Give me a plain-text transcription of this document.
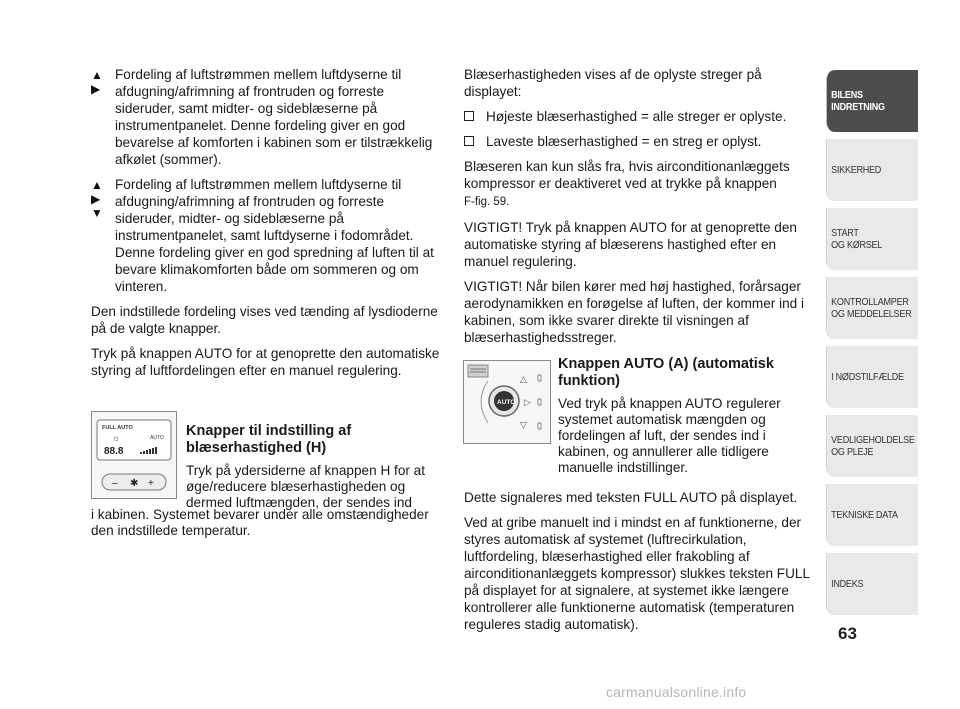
▲
▶
Fordeling af luftstrømmen mellem luftdyserne til afdugning/afrimning af frontruden og forreste sideruder, samt midter- og sideblæserne på instrumentpanelet. Denne fordeling giver en god bevarelse af komforten i kabinen som er tilstrækkelig afkølet (sommer).
▲
▶
▼
Fordeling af luftstrømmen mellem luftdyserne til afdugning/afrimning af frontruden og forreste sideruder, midter- og sideblæserne på instrumentpanelet, samt luftdyserne i fodområdet. Denne fordeling giver en god spredning af luften til at bevare klimakomforten både om sommeren og om vinteren.

Den indstillede fordeling vises ved tænding af lysdioderne på de valgte knapper.

Tryk på knappen AUTO for at genoprette den automatiske styring af luftfordelingen efter en manuel regulering.

FULL AUTO
AUTO
☼
88.8
– ✱ +
Knapper til indstilling af blæserhastighed (H)
Tryk på ydersiderne af knappen H for at øge/reducere blæserhastigheden og dermed luftmængden, der sendes ind
i kabinen. Systemet bevarer under alle omstændigheder den indstillede temperatur.

Blæserhastigheden vises af de oplyste streger på displayet:

Højeste blæserhastighed = alle streger er oplyste.
Laveste blæserhastighed = en streg er oplyst.

Blæseren kan kun slås fra, hvis airconditionanlæggets kompressor er deaktiveret ved at trykke på knappen
F-fig. 59.

VIGTIGT! Tryk på knappen AUTO for at genoprette den automatiske styring af blæserens hastighed efter en manuel regulering.

VIGTIGT! Når bilen kører med høj hastighed, forårsager aerodynamikken en forøgelse af luften, der kommer ind i kabinen, som ikke svarer direkte til visningen af blæserhastighedsstreger.

AUTO
△
▷
▽
Knappen AUTO (A) (automatisk funktion)
Ved tryk på knappen AUTO regulerer systemet automatisk mængden og fordelingen af luft, der sendes ind i kabinen, og annullerer alle tidligere manuelle indstillinger.

Dette signaleres med teksten FULL AUTO på displayet.

Ved at gribe manuelt ind i mindst en af funktionerne, der styres automatisk af systemet (luftrecirkulation, luftfordeling, blæserhastighed eller frakobling af airconditionanlæggets kompressor) slukkes teksten FULL på displayet for at signalere, at systemet ikke længere kontrollerer alle funktionerne automatisk (temperaturen reguleres stadig automatisk).

BILENS
INDRETNING
SIKKERHED
START
OG KØRSEL
KONTROLLAMPER
OG MEDDELELSER
I NØDSTILFÆLDE
VEDLIGEHOLDELSE
OG PLEJE
TEKNISKE DATA
INDEKS
63
carmanualsonline.info
